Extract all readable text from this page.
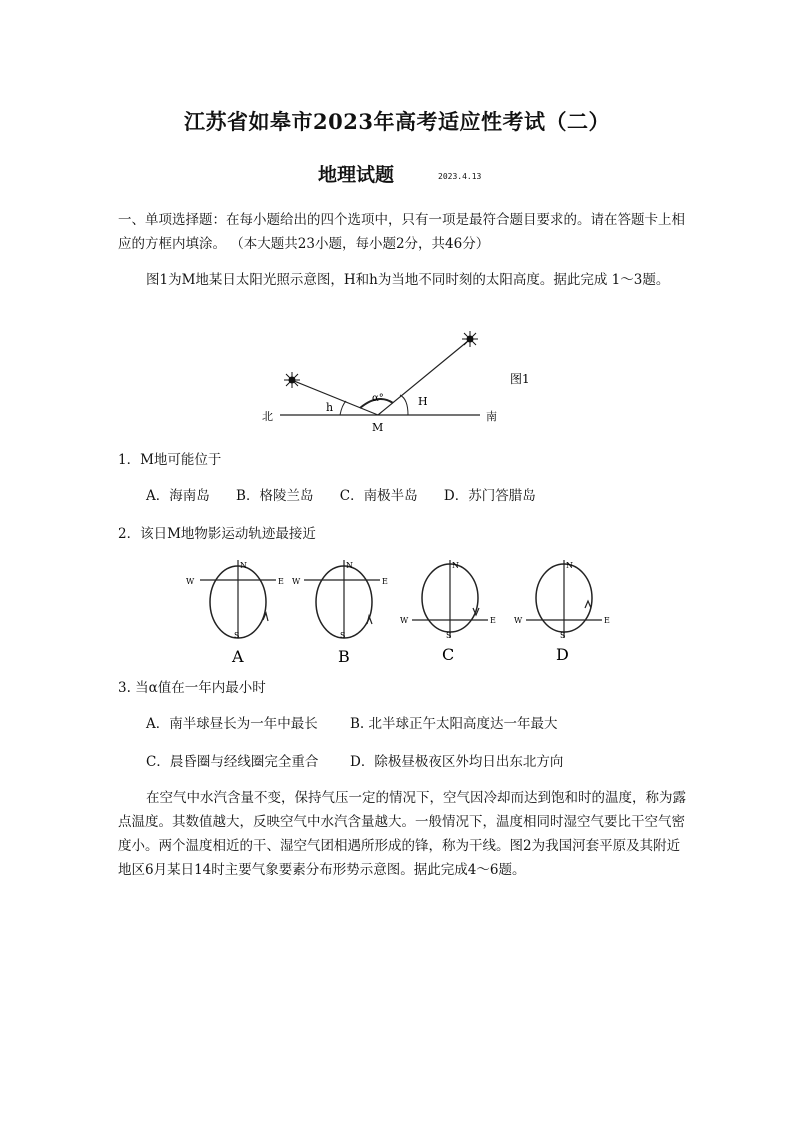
江苏省如皋市2023年高考适应性考试（二）
地理试题	2023.4.13
一、单项选择题：在每小题给出的四个选项中，只有一项是最符合题目要求的。请在答题卡上相应的方框内填涂。 （本大题共23小题，每小题2分，共46分）
图1为M地某日太阳光照示意图，H和h为当地不同时刻的太阳高度。据此完成 1～3题。
北	南
M
α°
h	H
图1
1．M地可能位于
A．海南岛 B．格陵兰岛 C．南极半岛 D．苏门答腊岛
2．该日M地物影运动轨迹最接近
W	E
N
S
A
W	E
N
S
B
W	E
N
S
C
W	E
N
S
D
3. 当α值在一年内最小时
A．南半球昼长为一年中最长 B. 北半球正午太阳高度达一年最大
C．晨昏圈与经线圈完全重合 D．除极昼极夜区外均日出东北方向
在空气中水汽含量不变，保持气压一定的情况下，空气因冷却而达到饱和时的温度，称为露点温度。其数值越大，反映空气中水汽含量越大。一般情况下，温度相同时湿空气要比干空气密度小。两个温度相近的干、湿空气团相遇所形成的锋，称为干线。图2为我国河套平原及其附近地区6月某日14时主要气象要素分布形势示意图。据此完成4～6题。
